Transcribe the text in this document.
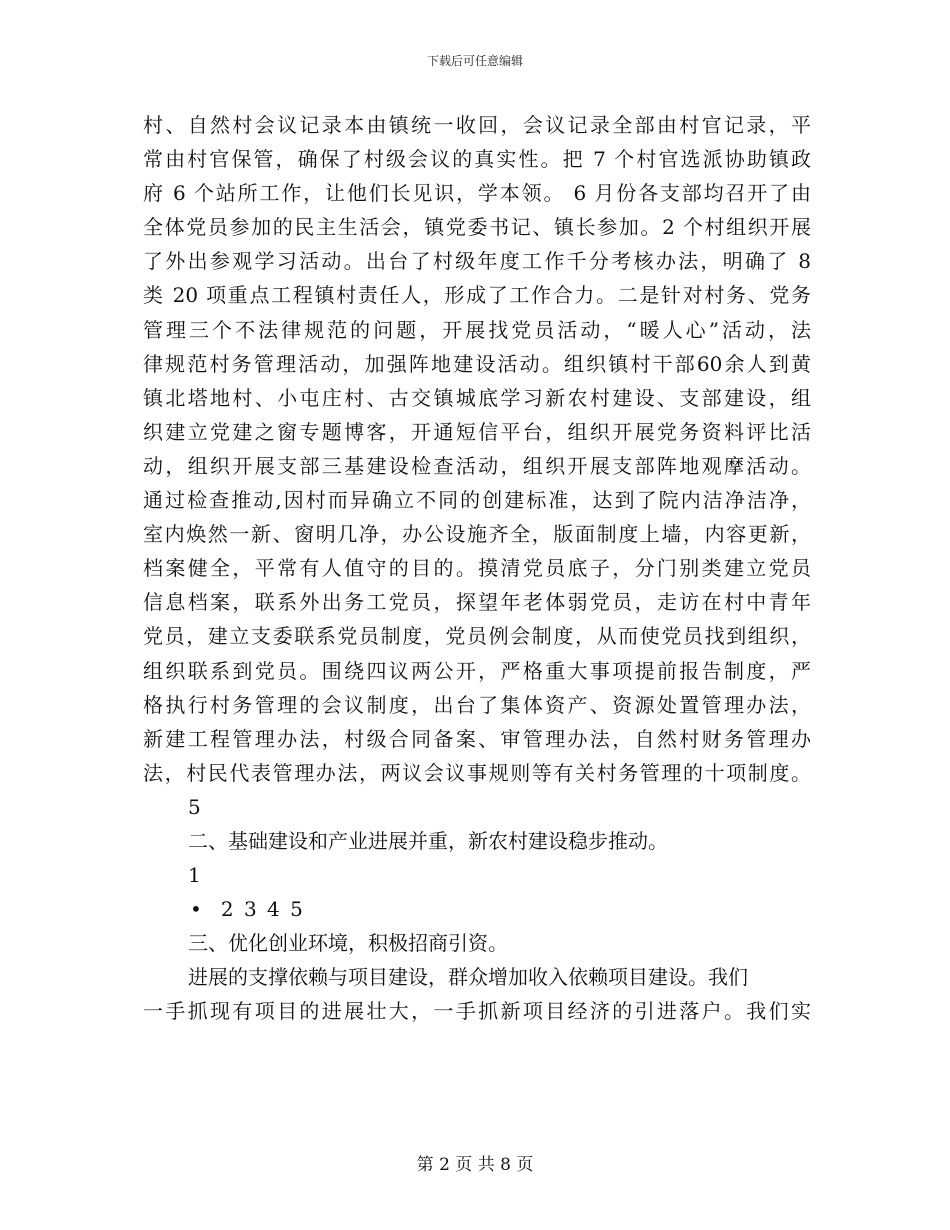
下载后可任意编辑
村、自然村会议记录本由镇统一收回，会议记录全部由村官记录，平
常由村官保管，确保了村级会议的真实性。把 7 个村官选派协助镇政
府 6 个站所工作，让他们长见识，学本领。 6 月份各支部均召开了由
全体党员参加的民主生活会，镇党委书记、镇长参加。2 个村组织开展
了外出参观学习活动。出台了村级年度工作千分考核办法，明确了 8
类 20 项重点工程镇村责任人，形成了工作合力。二是针对村务、党务
管理三个不法律规范的问题，开展找党员活动，“暖人心”活动，法
律规范村务管理活动，加强阵地建设活动。组织镇村干部60余人到黄
镇北塔地村、小屯庄村、古交镇城底学习新农村建设、支部建设，组
织建立党建之窗专题博客，开通短信平台，组织开展党务资料评比活
动，组织开展支部三基建设检查活动，组织开展支部阵地观摩活动。
通过检查推动,因村而异确立不同的创建标准，达到了院内洁净洁净，
室内焕然一新、窗明几净，办公设施齐全，版面制度上墙，内容更新，
档案健全，平常有人值守的目的。摸清党员底子，分门别类建立党员
信息档案，联系外出务工党员，探望年老体弱党员，走访在村中青年
党员，建立支委联系党员制度，党员例会制度，从而使党员找到组织，
组织联系到党员。围绕四议两公开，严格重大事项提前报告制度，严
格执行村务管理的会议制度，出台了集体资产、资源处置管理办法，
新建工程管理办法，村级合同备案、审管理办法，自然村财务管理办
法，村民代表管理办法，两议会议事规则等有关村务管理的十项制度。
5
二、基础建设和产业进展并重，新农村建设稳步推动。
1
• 2 3 4 5
三、优化创业环境，积极招商引资。
进展的支撑依赖与项目建设，群众增加收入依赖项目建设。我们
一手抓现有项目的进展壮大，一手抓新项目经济的引进落户。我们实
第 2 页 共 8 页
